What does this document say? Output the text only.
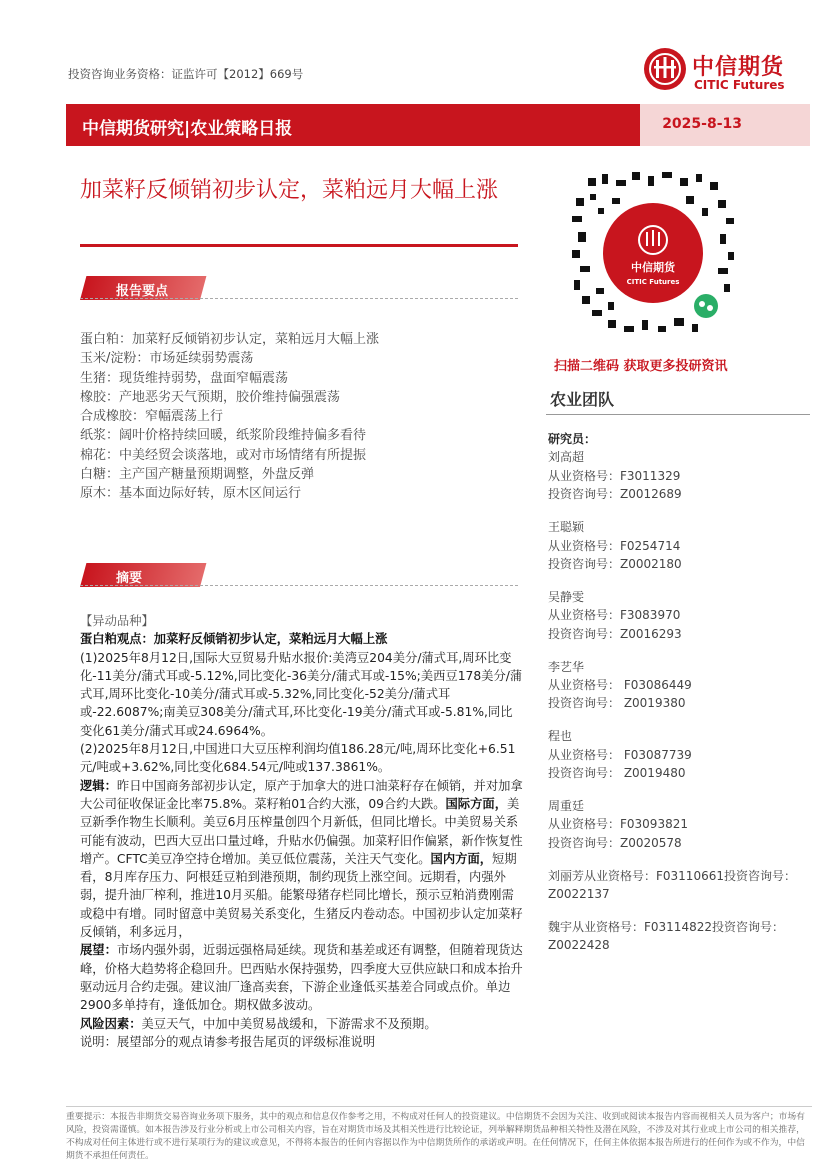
投资咨询业务资格：证监许可【2012】669号	中信期货
CITIC Futures
中信期货研究|农业策略日报	2025-8-13
加菜籽反倾销初步认定，菜粕远月大幅上涨
报告要点
蛋白粕：加菜籽反倾销初步认定，菜粕远月大幅上涨
玉米/淀粉：市场延续弱势震荡
生猪：现货维持弱势，盘面窄幅震荡
橡胶：产地恶劣天气预期，胶价维持偏强震荡
合成橡胶：窄幅震荡上行
纸浆：阔叶价格持续回暖，纸浆阶段维持偏多看待
棉花：中美经贸会谈落地，或对市场情绪有所提振
白糖：主产国产糖量预期调整，外盘反弹
原木：基本面边际好转，原木区间运行
摘要

【异动品种】

蛋白粕观点：加菜籽反倾销初步认定，菜粕远月大幅上涨

(1)2025年8月12日,国际大豆贸易升贴水报价:美湾豆204美分/蒲式耳,周环比变化-11美分/蒲式耳或-5.12%,同比变化-36美分/蒲式耳或-15%;美西豆178美分/蒲式耳,周环比变化-10美分/蒲式耳或-5.32%,同比变化-52美分/蒲式耳或-22.6087%;南美豆308美分/蒲式耳,环比变化-19美分/蒲式耳或-5.81%,同比变化61美分/蒲式耳或24.6964%。

(2)2025年8月12日,中国进口大豆压榨利润均值186.28元/吨,周环比变化+6.51元/吨或+3.62%,同比变化684.54元/吨或137.3861%。

逻辑：昨日中国商务部初步认定，原产于加拿大的进口油菜籽存在倾销，并对加拿大公司征收保证金比率75.8%。菜籽粕01合约大涨，09合约大跌。国际方面，美豆新季作物生长顺利。美豆6月压榨量创四个月新低，但同比增长。中美贸易关系可能有波动，巴西大豆出口量过峰，升贴水仍偏强。加菜籽旧作偏紧，新作恢复性增产。CFTC美豆净空持仓增加。美豆低位震荡，关注天气变化。国内方面，短期看，8月库存压力、阿根廷豆粕到港预期，制约现货上涨空间。远期看，内强外弱，提升油厂榨利，推进10月买船。能繁母猪存栏同比增长，预示豆粕消费刚需或稳中有增。同时留意中美贸易关系变化，生猪反内卷动态。中国初步认定加菜籽反倾销，利多远月，

展望：市场内强外弱，近弱远强格局延续。现货和基差或还有调整，但随着现货达峰，价格大趋势将企稳回升。巴西贴水保持强势，四季度大豆供应缺口和成本抬升驱动远月合约走强。建议油厂逢高卖套，下游企业逢低买基差合同或点价。单边2900多单持有，逢低加仓。期权做多波动。

风险因素：美豆天气，中加中美贸易战缓和，下游需求不及预期。

说明：展望部分的观点请参考报告尾页的评级标准说明

中信期货
CITIC Futures
扫描二维码 获取更多投研资讯
农业团队
研究员：
刘高超
从业资格号：F3011329
投资咨询号：Z0012689
王聪颖
从业资格号：F0254714
投资咨询号：Z0002180
吴静雯
从业资格号：F3083970
投资咨询号：Z0016293
李艺华
从业资格号： F03086449
投资咨询号： Z0019380
程也
从业资格号： F03087739
投资咨询号： Z0019480
周重廷
从业资格号：F03093821
投资咨询号：Z0020578
刘丽芳从业资格号：F03110661投资咨询号：Z0022137
魏宇从业资格号：F03114822投资咨询号：Z0022428
重要提示：本报告非期货交易咨询业务项下服务，其中的观点和信息仅作参考之用，不构成对任何人的投资建议。中信期货不会因为关注、收到或阅读本报告内容而视相关人员为客户；市场有风险，投资需谨慎。如本报告涉及行业分析或上市公司相关内容，旨在对期货市场及其相关性进行比较论证，列举解释期货品种相关特性及潜在风险，不涉及对其行业或上市公司的相关推荐，不构成对任何主体进行或不进行某项行为的建议或意见，不得将本报告的任何内容据以作为中信期货所作的承诺或声明。在任何情况下，任何主体依据本报告所进行的任何作为或不作为，中信期货不承担任何责任。
